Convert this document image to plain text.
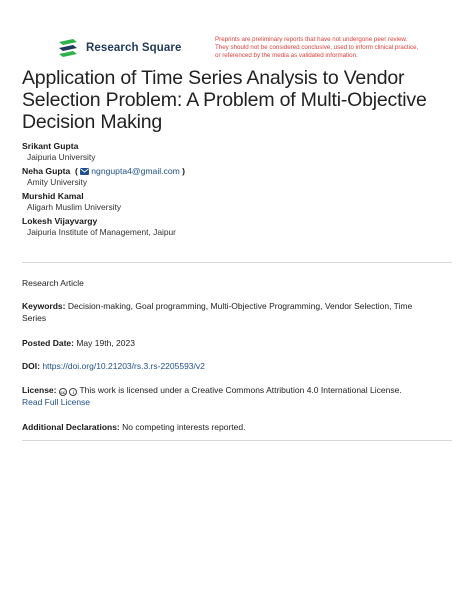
Research Square
Preprints are preliminary reports that have not undergone peer review.
They should not be considered conclusive, used to inform clinical practice,
or referenced by the media as validated information.
Application of Time Series Analysis to Vendor
Selection Problem: A Problem of Multi-Objective
Decision Making
Srikant Gupta
Jaipuria University
Neha Gupta  ( ngngupta4@gmail.com )
Amity University
Murshid Kamal
Aligarh Muslim University
Lokesh Vijayvargy
Jaipuria Institute of Management, Jaipur
Research Article
Keywords: Decision-making, Goal programming, Multi-Objective Programming, Vendor Selection, Time
Series
Posted Date: May 19th, 2023
DOI: https://doi.org/10.21203/rs.3.rs-2205593/v2
License: cc i This work is licensed under a Creative Commons Attribution 4.0 International License.
Read Full License
Additional Declarations: No competing interests reported.
